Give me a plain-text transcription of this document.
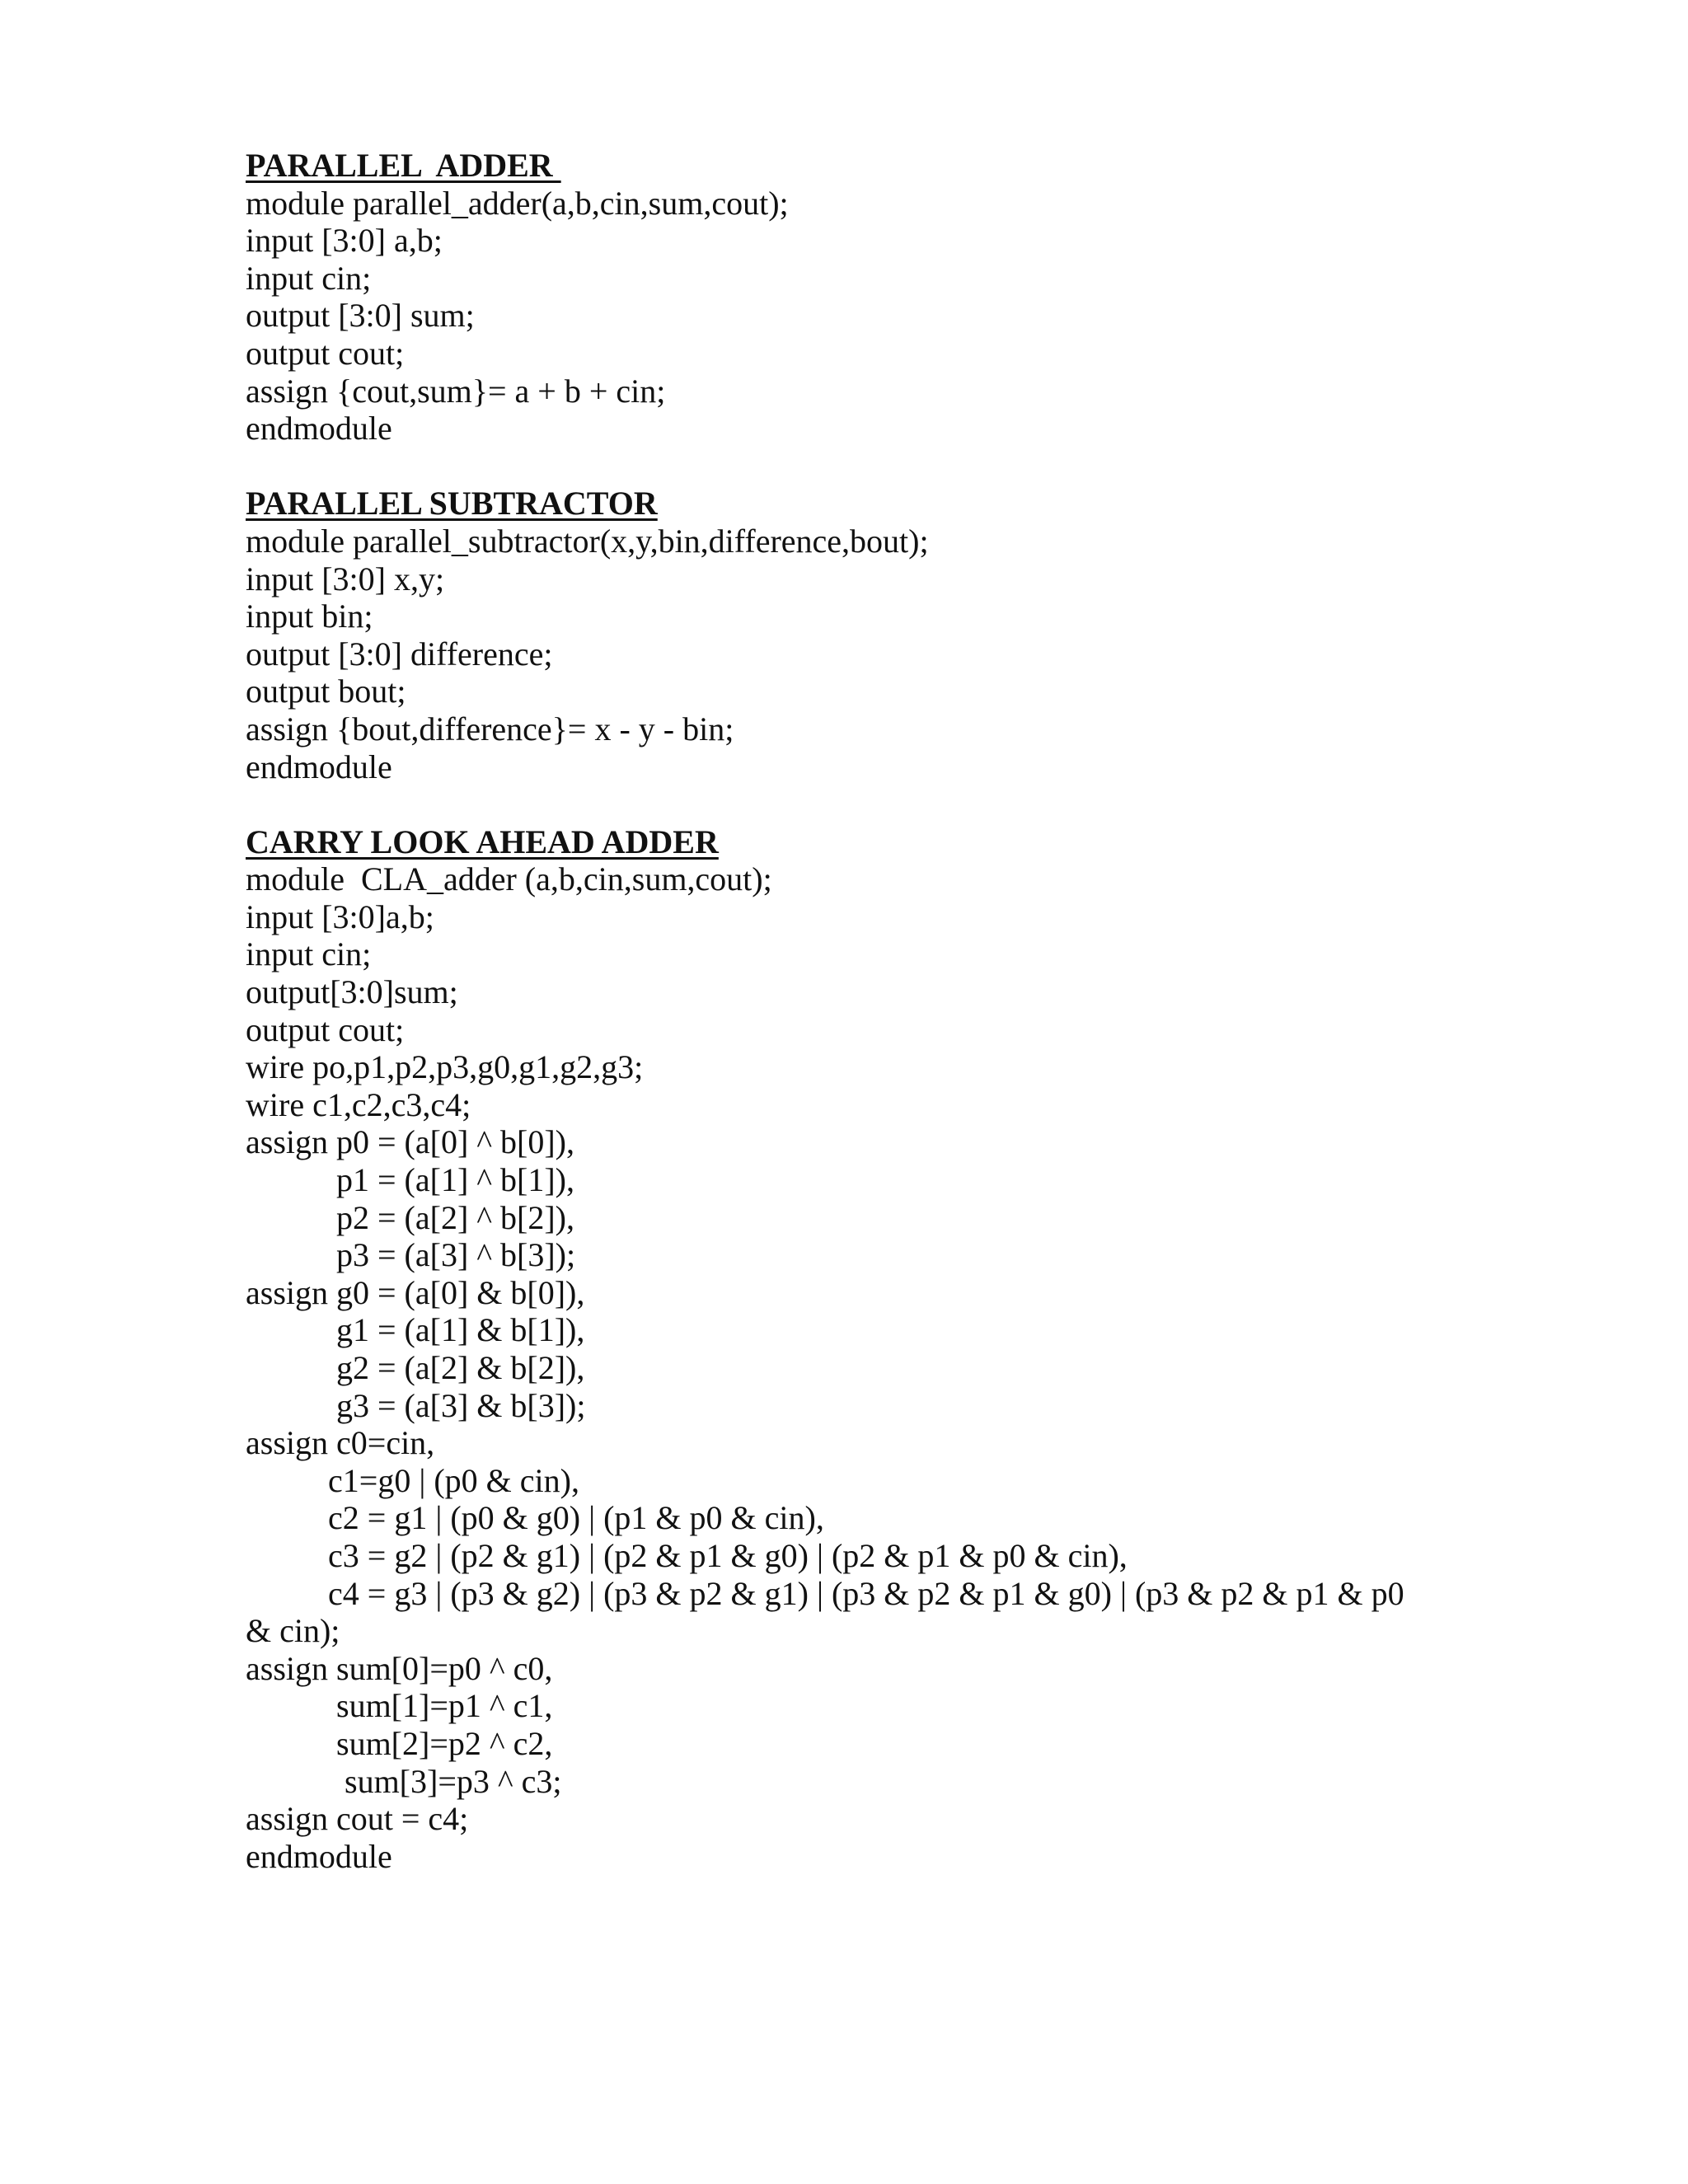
PARALLEL  ADDER
module parallel_adder(a,b,cin,sum,cout);
input [3:0] a,b;
input cin;
output [3:0] sum;
output cout;
assign {cout,sum}= a + b + cin;
endmodule
PARALLEL SUBTRACTOR
module parallel_subtractor(x,y,bin,difference,bout);
input [3:0] x,y;
input bin;
output [3:0] difference;
output bout;
assign {bout,difference}= x - y - bin;
endmodule
CARRY LOOK AHEAD ADDER
module  CLA_adder (a,b,cin,sum,cout);
input [3:0]a,b;
input cin;
output[3:0]sum;
output cout;
wire po,p1,p2,p3,g0,g1,g2,g3;
wire c1,c2,c3,c4;
assign p0 = (a[0] ^ b[0]),
p1 = (a[1] ^ b[1]),
p2 = (a[2] ^ b[2]),
p3 = (a[3] ^ b[3]);
assign g0 = (a[0] & b[0]),
g1 = (a[1] & b[1]),
g2 = (a[2] & b[2]),
g3 = (a[3] & b[3]);
assign c0=cin,
c1=g0 | (p0 & cin),
c2 = g1 | (p0 & g0) | (p1 & p0 & cin),
c3 = g2 | (p2 & g1) | (p2 & p1 & g0) | (p2 & p1 & p0 & cin),
c4 = g3 | (p3 & g2) | (p3 & p2 & g1) | (p3 & p2 & p1 & g0) | (p3 & p2 & p1 & p0
& cin);
assign sum[0]=p0 ^ c0,
sum[1]=p1 ^ c1,
sum[2]=p2 ^ c2,
sum[3]=p3 ^ c3;
assign cout = c4;
endmodule
